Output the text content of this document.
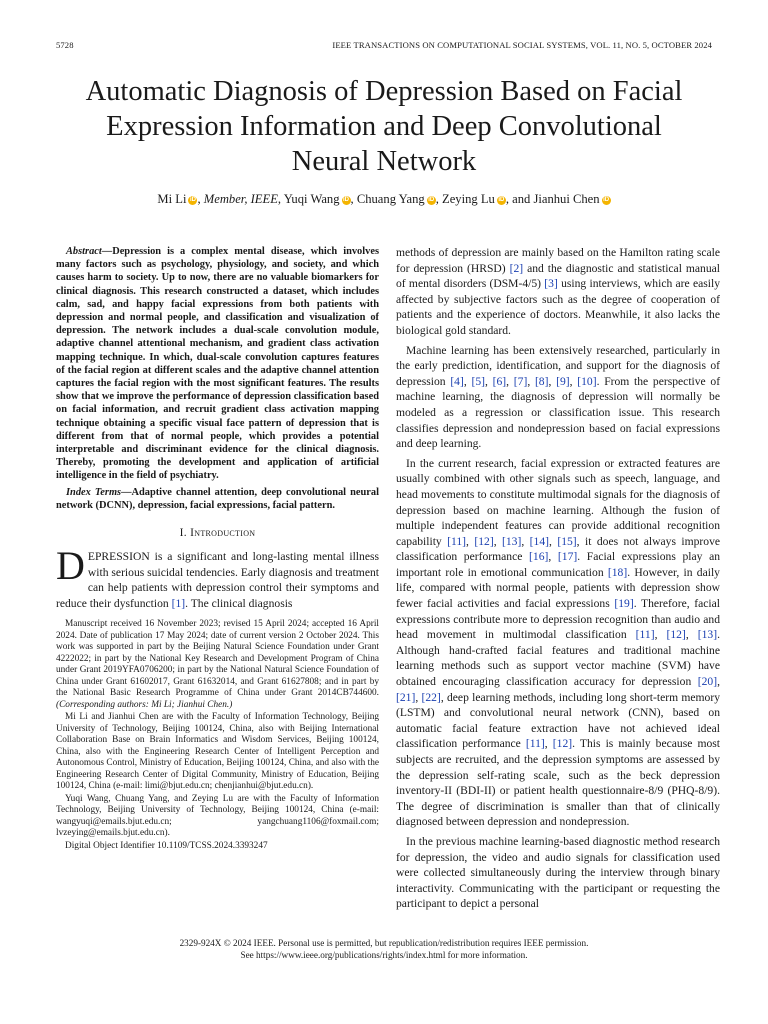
5728	IEEE TRANSACTIONS ON COMPUTATIONAL SOCIAL SYSTEMS, VOL. 11, NO. 5, OCTOBER 2024
Automatic Diagnosis of Depression Based on Facial
Expression Information and Deep Convolutional
Neural Network
Mi Li iD , Member, IEEE, Yuqi Wang iD , Chuang Yang iD , Zeying Lu iD , and Jianhui Chen iD

Abstract—Depression is a complex mental disease, which involves many factors such as psychology, physiology, and society, and which causes harm to society. Up to now, there are no valuable biomarkers for clinical diagnosis. This research constructed a dataset, which includes calm, sad, and happy facial expressions from both patients with depression and normal people, and classification and visualization of depression. The network includes a dual-scale convolution module, adaptive channel attentional mechanism, and gradient class activation mapping technique. In which, dual-scale convolution captures features of the facial region at different scales and the adaptive channel attention captures the facial region with the most significant features. The results show that we improve the performance of depression classification based on facial information, and recruit gradient class activation mapping technique obtaining a specific visual face pattern of depression that is different from that of normal people, which provides a potential interpretable and discriminant evidence for the clinical diagnosis. Thereby, promoting the development and application of artificial intelligence in the field of psychiatry.

Index Terms—Adaptive channel attention, deep convolutional neural network (DCNN), depression, facial expressions, facial pattern.

I. Introduction

DEPRESSION is a significant and long-lasting mental illness with serious suicidal tendencies. Early diagnosis and treatment can help patients with depression control their symptoms and reduce their dysfunction [1]. The clinical diagnosis

Manuscript received 16 November 2023; revised 15 April 2024; accepted 16 April 2024. Date of publication 17 May 2024; date of current version 2 October 2024. This work was supported in part by the Beijing Natural Science Foundation under Grant 4222022; in part by the National Key Research and Development Program of China under Grant 2019YFA0706200; in part by the National Natural Science Foundation of China under Grant 61602017, Grant 61632014, and Grant 61627808; and in part by the National Basic Research Programme of China under Grant 2014CB744600. (Corresponding authors: Mi Li; Jianhui Chen.)

Mi Li and Jianhui Chen are with the Faculty of Information Technology, Beijing University of Technology, Beijing 100124, China, also with Beijing International Collaboration Base on Brain Informatics and Wisdom Services, Beijing 100124, China, also with the Engineering Research Center of Intelligent Perception and Autonomous Control, Ministry of Education, Beijing 100124, China, and also with the Engineering Research Center of Digital Community, Ministry of Education, Beijing 100124, China (e-mail: limi@bjut.edu.cn; chenjianhui@bjut.edu.cn).

Yuqi Wang, Chuang Yang, and Zeying Lu are with the Faculty of Information Technology, Beijing University of Technology, Beijing 100124, China (e-mail: wangyuqi@emails.bjut.edu.cn; yangchuang1106@foxmail.com; lvzeying@emails.bjut.edu.cn).

Digital Object Identifier 10.1109/TCSS.2024.3393247

methods of depression are mainly based on the Hamilton rating scale for depression (HRSD) [2] and the diagnostic and statistical manual of mental disorders (DSM-4/5) [3] using interviews, which are easily affected by subjective factors such as the degree of cooperation of patients and the experience of doctors. Meanwhile, it also lacks the biological gold standard.

Machine learning has been extensively researched, particularly in the early prediction, identification, and support for the diagnosis of depression [4], [5], [6], [7], [8], [9], [10]. From the perspective of machine learning, the diagnosis of depression will normally be modeled as a regression or classification issue. This research classifies depression and nondepression based on facial expressions and deep learning.

In the current research, facial expression or extracted features are usually combined with other signals such as speech, language, and head movements to constitute multimodal signals for the diagnosis of depression based on machine learning. Although the fusion of multiple independent features can provide additional recognition capability [11], [12], [13], [14], [15], it does not always improve classification performance [16], [17]. Facial expressions play an important role in emotional communication [18]. However, in daily life, compared with normal people, patients with depression show fewer facial activities and facial expressions [19]. Therefore, facial expressions contribute more to depression recognition than audio and head movement in multimodal classification [11], [12], [13]. Although hand-crafted facial features and traditional machine learning methods such as support vector machine (SVM) have obtained encouraging classification accuracy for depression [20], [21], [22], deep learning methods, including long short-term memory (LSTM) and convolutional neural network (CNN), based on automatic facial feature extraction have not achieved ideal classification performance [11], [12]. This is mainly because most subjects are recruited, and the depression symptoms are assessed by the depression self-rating scale, such as the beck depression inventory-II (BDI-II) or patient health questionnaire-8/9 (PHQ-8/9). The degree of discrimination is smaller than that of clinically diagnosed between depression and nondepression.

In the previous machine learning-based diagnostic method research for depression, the video and audio signals for classification used were collected simultaneously during the interview through binary interactivity. Communicating with the participant or requesting the participant to depict a personal

2329-924X © 2024 IEEE. Personal use is permitted, but republication/redistribution requires IEEE permission.
See https://www.ieee.org/publications/rights/index.html for more information.
